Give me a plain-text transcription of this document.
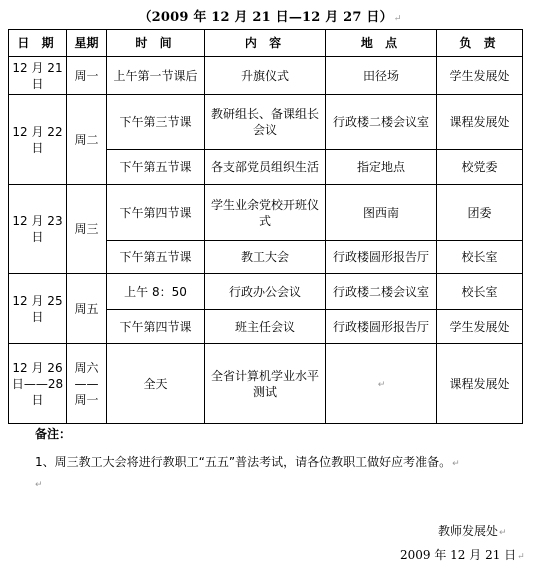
（2009 年 12 月 21 日—12 月 27 日）↵
日 期	星期	时 间	内 容	地 点	负 责
12 月 21 日	周一	上午第一节课后	升旗仪式	田径场	学生发展处
12 月 22 日	周二	下午第三节课	教研组长、备课组长会议	行政楼二楼会议室	课程发展处
		下午第五节课	各支部党员组织生活	指定地点	校党委
12 月 23 日	周三	下午第四节课	学生业余党校开班仪式	图西南	团委
		下午第五节课	教工大会	行政楼圆形报告厅	校长室
12 月 25 日	周五	上午 8：50	行政办公会议	行政楼二楼会议室	校长室
		下午第四节课	班主任会议	行政楼圆形报告厅	学生发展处
12 月 26 日——28 日	周六——周一	全天	全省计算机学业水平测试	↵	课程发展处
备注：
1、周三教工大会将进行教职工“五五”普法考试，请各位教职工做好应考准备。↵
↵
教师发展处↵
2009 年 12 月 21 日↵
